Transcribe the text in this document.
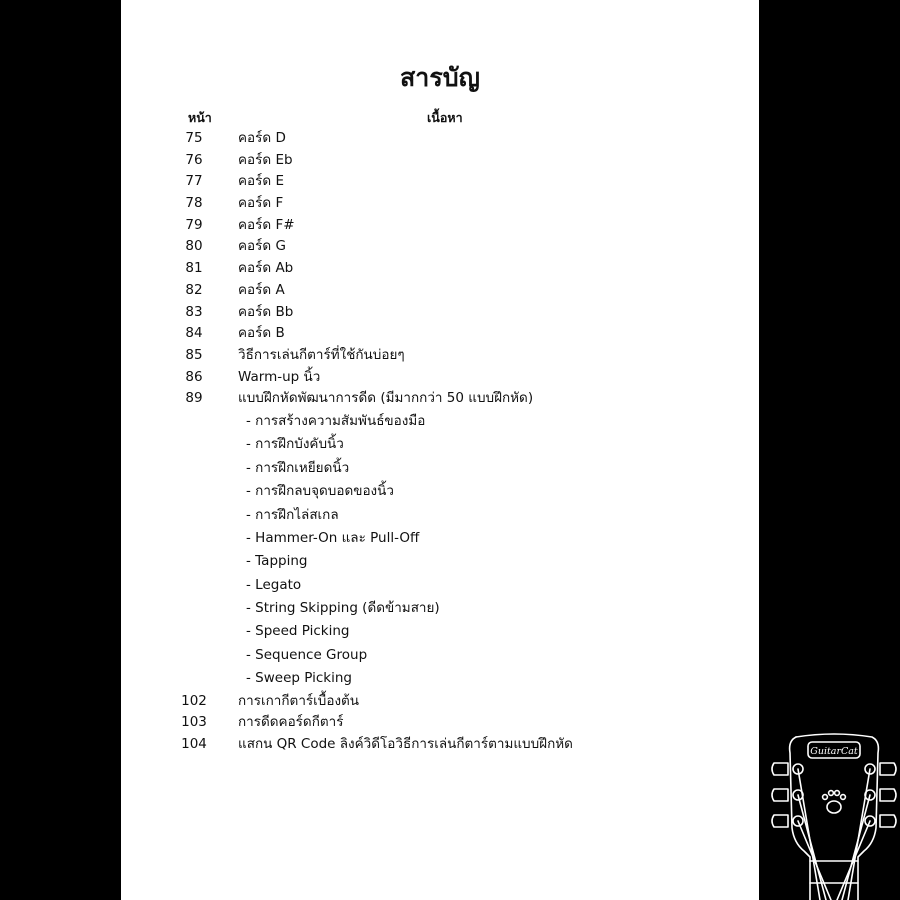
สารบัญ
หน้า	เนื้อหา
75	คอร์ด D
76	คอร์ด Eb
77	คอร์ด E
78	คอร์ด F
79	คอร์ด F#
80	คอร์ด G
81	คอร์ด Ab
82	คอร์ด A
83	คอร์ด Bb
84	คอร์ด B
85	วิธีการเล่นกีตาร์ที่ใช้กันบ่อยๆ
86	Warm-up นิ้ว
89	แบบฝึกหัดพัฒนาการดีด (มีมากกว่า 50 แบบฝึกหัด)
- การสร้างความสัมพันธ์ของมือ
- การฝึกบังคับนิ้ว
- การฝึกเหยียดนิ้ว
- การฝึกลบจุดบอดของนิ้ว
- การฝึกไล่สเกล
- Hammer-On และ Pull-Off
- Tapping
- Legato
- String Skipping (ดีดข้ามสาย)
- Speed Picking
- Sequence Group
- Sweep Picking
102	การเกากีตาร์เบื้องต้น
103	การดีดคอร์ดกีตาร์
104	แสกน QR Code ลิงค์วิดีโอวิธีการเล่นกีตาร์ตามแบบฝึกหัด	GuitarCat
